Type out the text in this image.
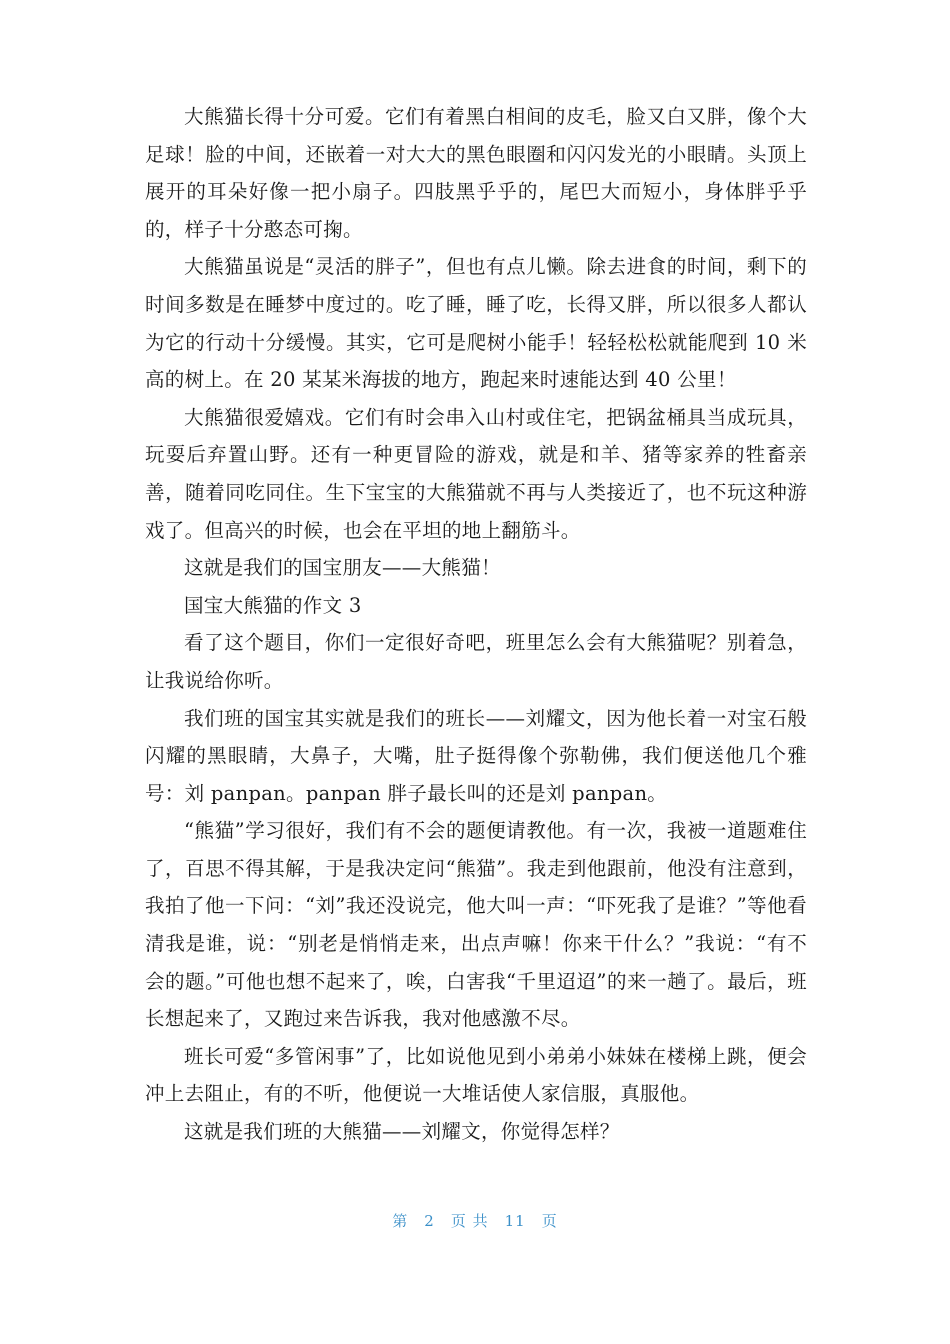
大熊猫长得十分可爱。它们有着黑白相间的皮毛，脸又白又胖，像个大足球！脸的中间，还嵌着一对大大的黑色眼圈和闪闪发光的小眼睛。头顶上展开的耳朵好像一把小扇子。四肢黑乎乎的，尾巴大而短小，身体胖乎乎的，样子十分憨态可掬。

大熊猫虽说是“灵活的胖子”，但也有点儿懒。除去进食的时间，剩下的时间多数是在睡梦中度过的。吃了睡，睡了吃，长得又胖，所以很多人都认为它的行动十分缓慢。其实，它可是爬树小能手！轻轻松松就能爬到 10 米高的树上。在 20 某某米海拔的地方，跑起来时速能达到 40 公里！

大熊猫很爱嬉戏。它们有时会串入山村或住宅，把锅盆桶具当成玩具，玩耍后弃置山野。还有一种更冒险的游戏，就是和羊、猪等家养的牲畜亲善，随着同吃同住。生下宝宝的大熊猫就不再与人类接近了，也不玩这种游戏了。但高兴的时候，也会在平坦的地上翻筋斗。

这就是我们的国宝朋友——大熊猫！

国宝大熊猫的作文 3

看了这个题目，你们一定很好奇吧，班里怎么会有大熊猫呢？别着急，让我说给你听。

我们班的国宝其实就是我们的班长——刘耀文，因为他长着一对宝石般闪耀的黑眼睛，大鼻子，大嘴，肚子挺得像个弥勒佛，我们便送他几个雅号：刘 panpan。panpan 胖子最长叫的还是刘 panpan。

“熊猫”学习很好，我们有不会的题便请教他。有一次，我被一道题难住了，百思不得其解，于是我决定问“熊猫”。我走到他跟前，他没有注意到，我拍了他一下问：“刘”我还没说完，他大叫一声：“吓死我了是谁？”等他看清我是谁，说：“别老是悄悄走来，出点声嘛！你来干什么？”我说：“有不会的题。”可他也想不起来了，唉，白害我“千里迢迢”的来一趟了。最后，班长想起来了，又跑过来告诉我，我对他感激不尽。

班长可爱“多管闲事”了，比如说他见到小弟弟小妹妹在楼梯上跳，便会冲上去阻止，有的不听，他便说一大堆话使人家信服，真服他。

这就是我们班的大熊猫——刘耀文，你觉得怎样？

第 2 页 共 11 页
